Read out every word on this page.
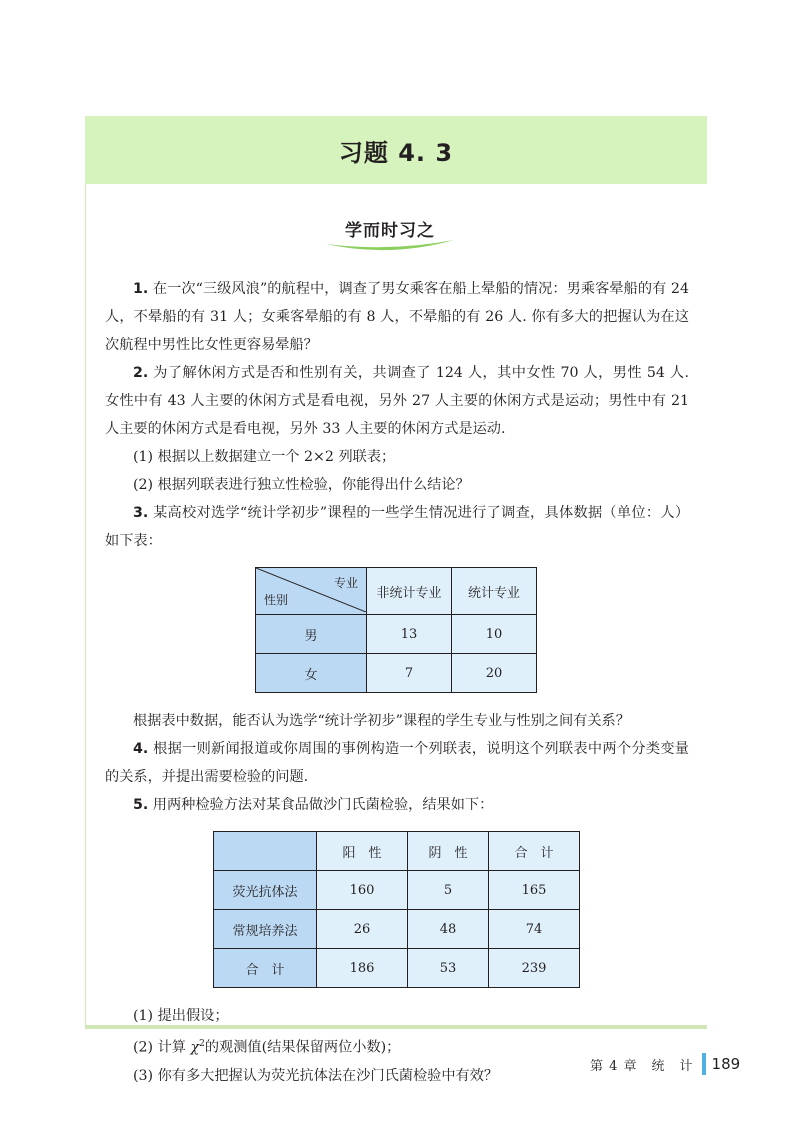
习题 4. 3
学而时习之

1. 在一次“三级风浪”的航程中，调查了男女乘客在船上晕船的情况：男乘客晕船的有 24 人，不晕船的有 31 人；女乘客晕船的有 8 人，不晕船的有 26 人. 你有多大的把握认为在这次航程中男性比女性更容易晕船？

2. 为了解休闲方式是否和性别有关，共调查了 124 人，其中女性 70 人，男性 54 人. 女性中有 43 人主要的休闲方式是看电视，另外 27 人主要的休闲方式是运动；男性中有 21 人主要的休闲方式是看电视，另外 33 人主要的休闲方式是运动.

(1) 根据以上数据建立一个 2×2 列联表；

(2) 根据列联表进行独立性检验，你能得出什么结论？

3. 某高校对选学“统计学初步”课程的一些学生情况进行了调查，具体数据（单位：人）如下表：

专业
性别	非统计专业	统计专业
男	13	10
女	7	20

根据表中数据，能否认为选学“统计学初步”课程的学生专业与性别之间有关系？

4. 根据一则新闻报道或你周围的事例构造一个列联表，说明这个列联表中两个分类变量的关系，并提出需要检验的问题.

5. 用两种检验方法对某食品做沙门氏菌检验，结果如下：

	阳　性	阴　性	合　计
荧光抗体法	160	5	165
常规培养法	26	48	74
合　计	186	53	239

(1) 提出假设；

(2) 计算 $\chi^2$的观测值(结果保留两位小数)；

(3) 你有多大把握认为荧光抗体法在沙门氏菌检验中有效？

第 4 章　统　计 189
